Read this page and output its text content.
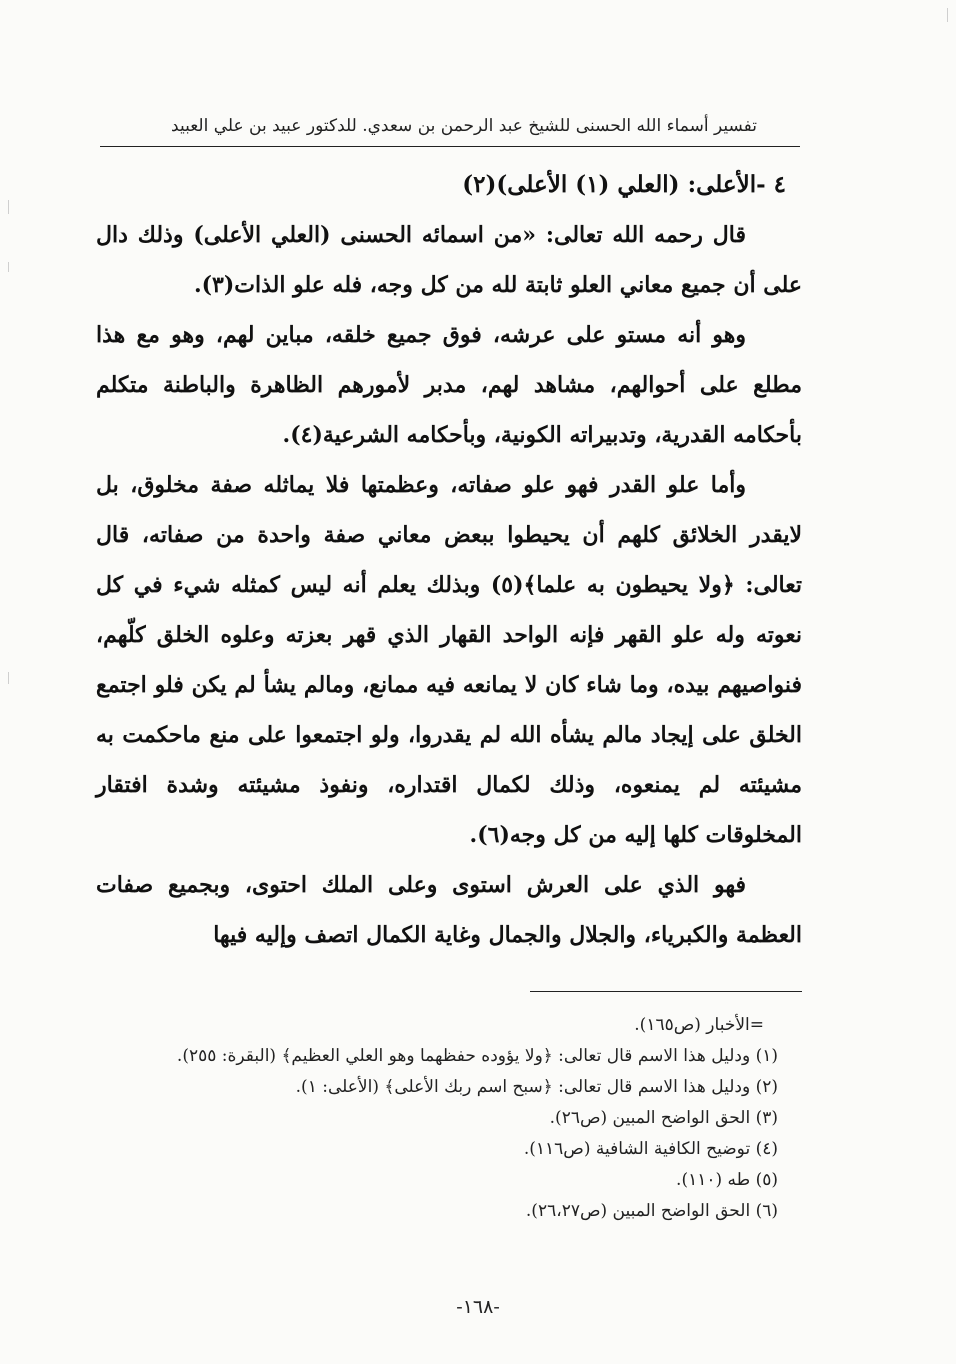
تفسير أسماء الله الحسنى للشيخ عبد الرحمن بن سعدي. للدكتور عبيد بن علي العبيد

٤ -الأعلى: (العلي (١) الأعلى)(٢)

قال رحمه الله تعالى: «من اسمائه الحسنى (العلي الأعلى) وذلك دال على أن جميع معاني العلو ثابتة لله من كل وجه، فله علو الذات(٣).

وهو أنه مستو على عرشه، فوق جميع خلقه، مباين لهم، وهو مع هذا مطلع على أحوالهم، مشاهد لهم، مدبر لأمورهم الظاهرة والباطنة متكلم بأحكامه القدرية، وتدبيراته الكونية، وبأحكامه الشرعية(٤).

وأما علو القدر فهو علو صفاته، وعظمتها فلا يماثله صفة مخلوق، بل لايقدر الخلائق كلهم أن يحيطوا ببعض معاني صفة واحدة من صفاته، قال تعالى: ﴿ولا يحيطون به علما﴾(٥) وبذلك يعلم أنه ليس كمثله شيء في كل نعوته وله علو القهر فإنه الواحد القهار الذي قهر بعزته وعلوه الخلق كلّهم، فنواصيهم بيده، وما شاء كان لا يمانعه فيه ممانع، ومالم يشأ لم يكن فلو اجتمع الخلق على إيجاد مالم يشأه الله لم يقدروا، ولو اجتمعوا على منع ماحكمت به مشيئته لم يمنعوه، وذلك لكمال اقتداره، ونفوذ مشيئته وشدة افتقار المخلوقات كلها إليه من كل وجه(٦).

فهو الذي على العرش استوى وعلى الملك احتوى، وبجميع صفات العظمة والكبرياء، والجلال والجمال وغاية الكمال اتصف وإليه فيها

=الأخبار (ص١٦٥).
(١) ودليل هذا الاسم قال تعالى: ﴿ولا يؤوده حفظهما وهو العلي العظيم﴾ (البقرة: ٢٥٥).
(٢) ودليل هذا الاسم قال تعالى: ﴿سبح اسم ربك الأعلى﴾ (الأعلى: ١).
(٣) الحق الواضح المبين (ص٢٦).
(٤) توضيح الكافية الشافية (ص١١٦).
(٥) طه (١١٠).
(٦) الحق الواضح المبين (ص٢٦،٢٧).
-١٦٨-
